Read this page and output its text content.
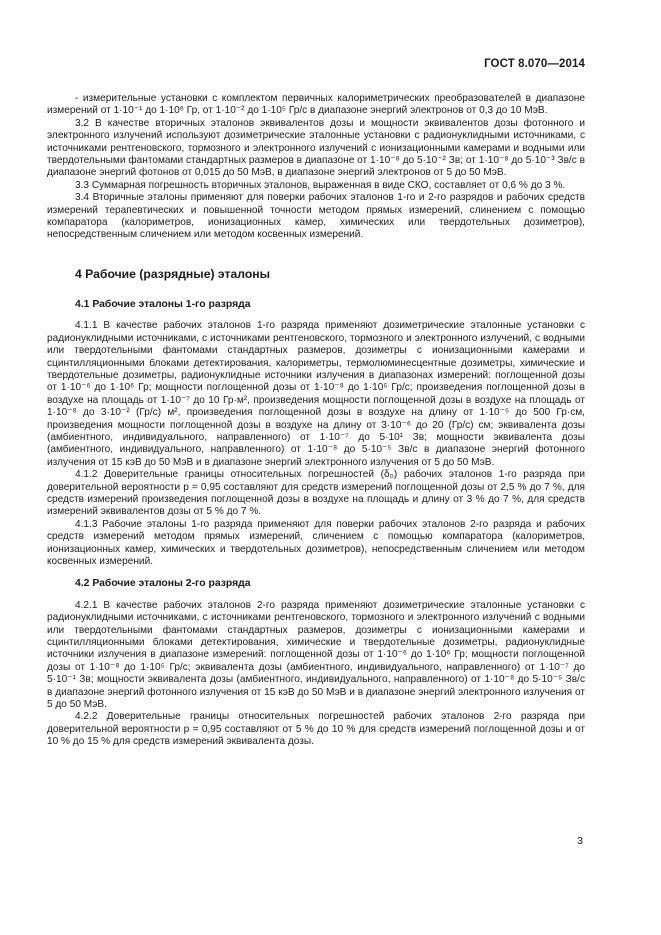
ГОСТ 8.070—2014

- измерительные установки с комплектом первичных калориметрических преобразователей в диапазоне измерений от 1·10⁻¹ до 1·10⁶ Гр, от 1·10⁻² до 1·10⁵ Гр/с в диапазоне энергий электронов от 0,3 до 10 МэВ.

3.2 В качестве вторичных эталонов эквивалентов дозы и мощности эквивалентов дозы фотонного и электронного излучений используют дозиметрические эталонные установки с радионуклидными источниками, с источниками рентгеновского, тормозного и электронного излучений с ионизационными камерами и водными или твердотельными фантомами стандартных размеров в диапазоне от 1·10⁻⁸ до 5·10⁻² Зв; от 1·10⁻⁸ до 5·10⁻³ Зв/с в диапазоне энергий фотонов от 0,015 до 50 МэВ, в диапазоне энергий электронов от 5 до 50 МэВ.

3.3 Суммарная погрешность вторичных эталонов, выраженная в виде СКО, составляет от 0,6 % до 3 %.

3.4 Вторичные эталоны применяют для поверки рабочих эталонов 1-го и 2-го разрядов и рабочих средств измерений терапевтических и повышенной точности методом прямых измерений, слинением с помощью компаратора (калориметров, ионизационных камер, химических или твердотельных дозиметров), непосредственным сличением или методом косвенных измерений.

4 Рабочие (разрядные) эталоны
4.1 Рабочие эталоны 1-го разряда

4.1.1 В качестве рабочих эталонов 1-го разряда применяют дозиметрические эталонные установки с радионуклидными источниками, с источниками рентгеновского, тормозного и электронного излучений, с водными или твердотельными фантомами стандартных размеров, дозиметры с ионизационными камерами и сцинтилляционными блоками детектирования, калориметры, термолюминесцентные дозиметры, химические и твердотельные дозиметры, радионуклидные источники излучения в диапазонах измерений: поглощенной дозы от 1·10⁻⁶ до 1·10⁶ Гр; мощности поглощенной дозы от 1·10⁻⁸ до 1·10⁵ Гр/с; произведения поглощенной дозы в воздухе на площадь от 1·10⁻⁷ до 10 Гр·м², произведения мощности поглощенной дозы в воздухе на площадь от 1·10⁻⁸ до 3·10⁻² (Гр/с) м², произведения поглощенной дозы в воздухе на длину от 1·10⁻⁵ до 500 Гр·см, произведения мощности поглощенной дозы в воздухе на длину от 3·10⁻⁶ до 20 (Гр/с) см; эквивалента дозы (амбиентного, индивидуального, направленного) от 1·10⁻⁷ до 5·10¹ Зв; мощности эквивалента дозы (амбиентного, индивидуального, направленного) от 1·10⁻⁸ до 5·10⁻⁵ Зв/с в диапазоне энергий фотонного излучения от 15 кэВ до 50 МэВ и в диапазоне энергий электронного излучения от 5 до 50 МэВ.

4.1.2 Доверительные границы относительных погрешностей (δ₀) рабочих эталонов 1-го разряда при доверительной вероятности р = 0,95 составляют для средств измерений поглощенной дозы от 2,5 % до 7 %, для средств измерений произведения поглощенной дозы в воздухе на площадь и длину от 3 % до 7 %, для средств измерений эквивалентов дозы от 5 % до 7 %.

4.1.3 Рабочие эталоны 1-го разряда применяют для поверки рабочих эталонов 2-го разряда и рабочих средств измерений методом прямых измерений, сличением с помощью компаратора (калориметров, ионизационных камер, химических и твердотельных дозиметров), непосредственным сличением или методом косвенных измерений.

4.2 Рабочие эталоны 2-го разряда

4.2.1 В качестве рабочих эталонов 2-го разряда применяют дозиметрические эталонные установки с радионуклидными источниками, с источниками рентгеновского, тормозного и электронного излучений с водными или твердотельными фантомами стандартных размеров, дозиметры с ионизационными камерами и сцинтилляционными блоками детектирования, химические и твердотельные дозиметры, радионуклидные источники излучения в диапазоне измерений: поглощенной дозы от 1·10⁻⁶ до 1·10⁶ Гр; мощности поглощенной дозы от 1·10⁻⁸ до 1·10⁵ Гр/с; эквивалента дозы (амбиентного, индивидуального, направленного) от 1·10⁻⁷ до 5·10⁻¹ Зв; мощности эквивалента дозы (амбиентного, индивидуального, направленного) от 1·10⁻⁸ до 5·10⁻⁵ Зв/с в диапазоне энергий фотонного излучения от 15 кэВ до 50 МэВ и в диапазоне энергий электронного излучения от 5 до 50 МэВ.

4.2.2 Доверительные границы относительных погрешностей рабочих эталонов 2-го разряда при доверительной вероятности р = 0,95 составляют от 5 % до 10 % для средств измерений поглощенной дозы и от 10 % до 15 % для средств измерений эквивалента дозы.

3
